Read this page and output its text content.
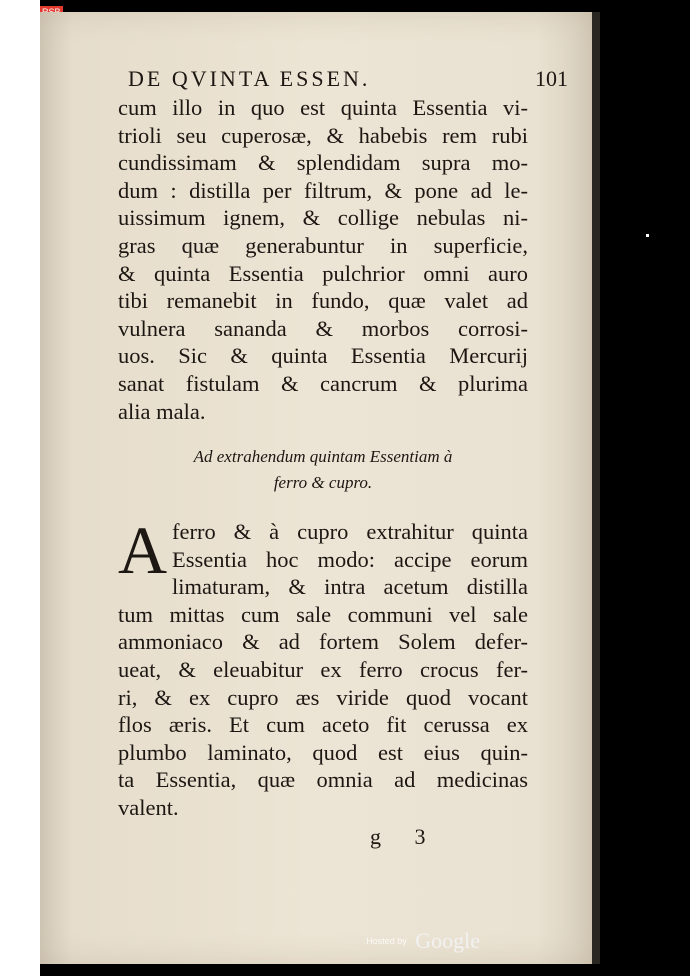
DE QVINTA ESSEN.	101
cum illo in quo est quinta Essentia vi-
trioli seu cuperosæ, & habebis rem rubi
cundissimam & splendidam supra mo-
dum : distilla per filtrum, & pone ad le-
uissimum ignem, & collige nebulas ni-
gras quæ generabuntur in superficie,
& quinta Essentia pulchrior omni auro
tibi remanebit in fundo, quæ valet ad
vulnera sananda & morbos corrosi-
uos. Sic & quinta Essentia Mercurij
sanat fistulam & cancrum & plurima
alia mala.
Ad extrahendum quintam Essentiam à
ferro & cupro.
A ferro & à cupro extrahitur quinta
Essentia hoc modo: accipe eorum
limaturam, & intra acetum distilla
tum mittas cum sale communi vel sale
ammoniaco & ad fortem Solem defer-
ueat, & eleuabitur ex ferro crocus fer-
ri, & ex cupro æs viride quod vocant
flos æris. Et cum aceto fit cerussa ex
plumbo laminato, quod est eius quin-
ta Essentia, quæ omnia ad medicinas
valent.
g 3
Hosted by Google
